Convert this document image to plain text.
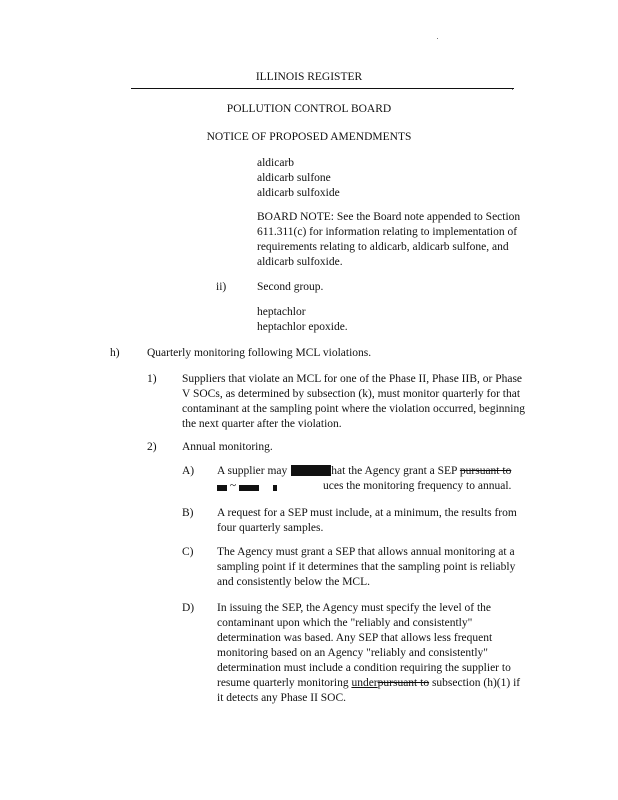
ILLINOIS REGISTER
POLLUTION CONTROL BOARD
NOTICE OF PROPOSED AMENDMENTS
aldicarb
aldicarb sulfone
aldicarb sulfoxide
BOARD NOTE: See the Board note appended to Section
611.311(c) for information relating to implementation of
requirements relating to aldicarb, aldicarb sulfone, and
aldicarb sulfoxide.
ii)	Second group.
heptachlor
heptachlor epoxide.
h) Quarterly monitoring following MCL violations.
1) Suppliers that violate an MCL for one of the Phase II, Phase IIB, or Phase
V SOCs, as determined by subsection (k), must monitor quarterly for that
contaminant at the sampling point where the violation occurred, beginning
the next quarter after the violation.
2) Annual monitoring.
A) A supplier may	hat the Agency grant a SEP pursuant to
~	uces the monitoring frequency to annual.
B) A request for a SEP must include, at a minimum, the results from
four quarterly samples.
C) The Agency must grant a SEP that allows annual monitoring at a
sampling point if it determines that the sampling point is reliably
and consistently below the MCL.
D) In issuing the SEP, the Agency must specify the level of the
contaminant upon which the "reliably and consistently"
determination was based. Any SEP that allows less frequent
monitoring based on an Agency "reliably and consistently"
determination must include a condition requiring the supplier to
resume quarterly monitoring underpursuant to subsection (h)(1) if
it detects any Phase II SOC.
